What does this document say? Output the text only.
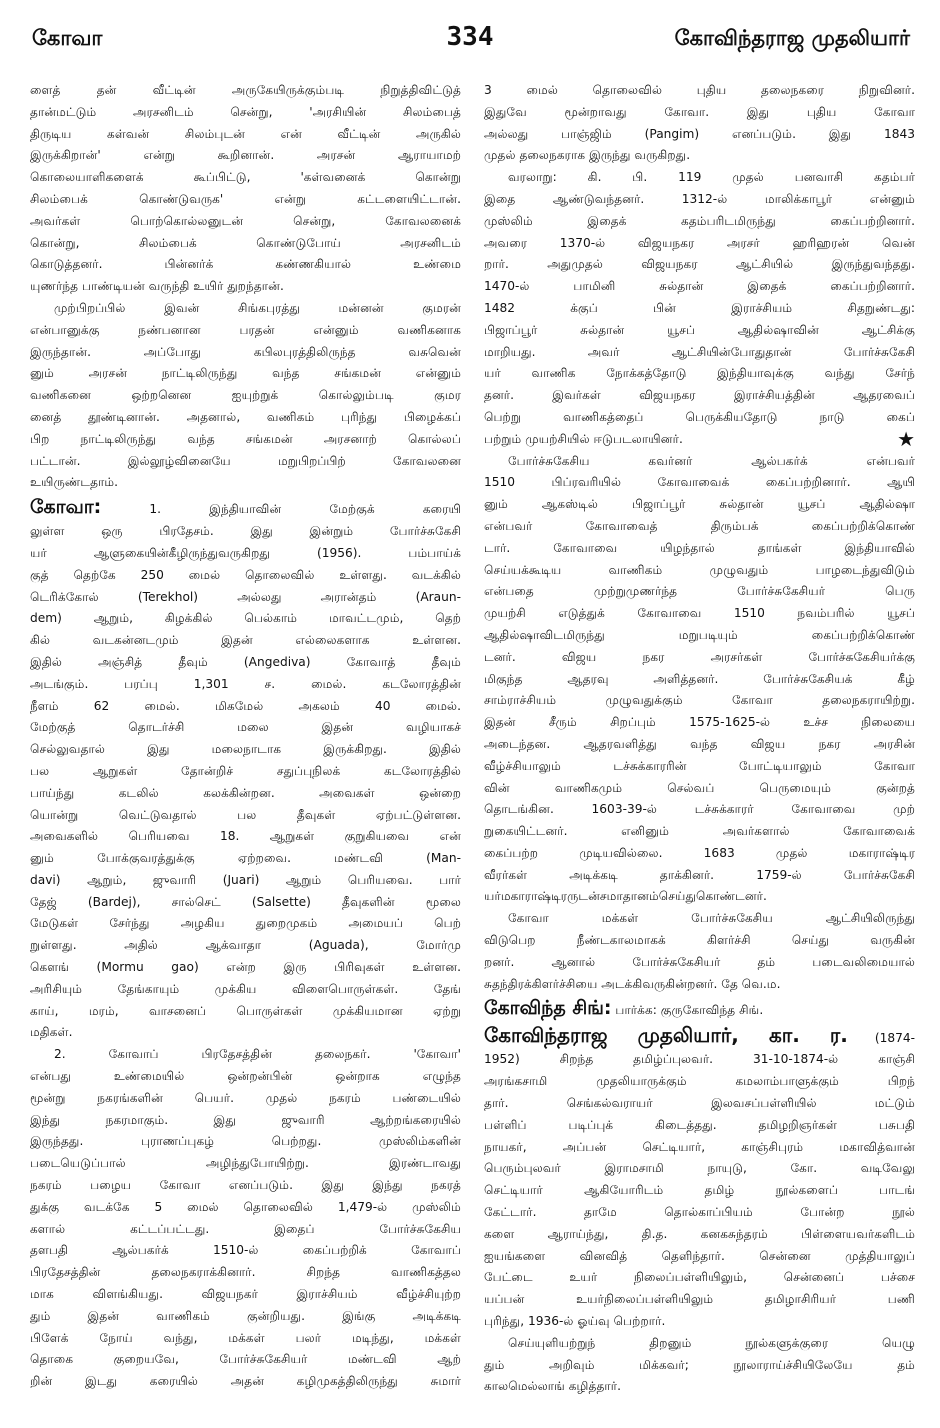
கோவா	334	கோவிந்தராஜ முதலியார்
ளைத் தன் வீட்டின் அருகேயிருக்கும்படி நிறுத்திவிட்டுத்
தான்மட்டும் அரசனிடம் சென்று, 'அரசியின் சிலம்பைத்
திருடிய கள்வன் சிலம்புடன் என் வீட்டின் அருகில்
இருக்கிறான்' என்று கூறினான். அரசன் ஆராயாமற்
கொலையாளிகளைக் கூப்பிட்டு, 'கள்வனைக் கொன்று
சிலம்பைக் கொண்டுவருக' என்று கட்டளையிட்டான்.
அவர்கள் பொற்கொல்லனுடன் சென்று, கோவலனைக்
கொன்று, சிலம்பைக் கொண்டுபோய் அரசனிடம்
கொடுத்தனர். பின்னர்க் கண்ணகியால் உண்மை
யுணர்ந்த பாண்டியன் வருந்தி உயிர் துறந்தான்.
முற்பிறப்பில் இவன் சிங்கபுரத்து மன்னன் குமரன்
என்பானுக்கு நண்பனான பரதன் என்னும் வணிகனாக
இருந்தான். அப்போது கபிலபுரத்திலிருந்த வசுவென்
னும் அரசன் நாட்டிலிருந்து வந்த சங்கமன் என்னும்
வணிகனை ஒற்றனென ஐயுற்றுக் கொல்லும்படி குமர
னைத் தூண்டினான். அதனால், வணிகம் புரிந்து பிழைக்கப்
பிற நாட்டிலிருந்து வந்த சங்கமன் அரசனாற் கொல்லப்
பட்டான். இல்லூழ்வினையே மறுபிறப்பிற் கோவலனை
உயிருண்டதாம்.
கோவா: 1. இந்தியாவின் மேற்குக் கரையி
லுள்ள ஒரு பிரதேசம். இது இன்றும் போர்ச்சுகேசி
யர் ஆளுகையின்கீழிருந்துவருகிறது (1956). பம்பாய்க்
குத் தெற்கே 250 மைல் தொலைவில் உள்ளது. வடக்கில்
டெரிக்கோல் (Terekhol) அல்லது அரான்தம் (Araun-
dem) ஆறும், கிழக்கில் பெல்காம் மாவட்டமும், தெற்
கில் வடகன்னடமும் இதன் எல்லைகளாக உள்ளன.
இதில் அஞ்சித் தீவும் (Angediva) கோவாத் தீவும்
அடங்கும். பரப்பு 1,301 ச. மைல். கடலோரத்தின்
நீளம் 62 மைல். மிகமேல் அகலம் 40 மைல்.
மேற்குத் தொடர்ச்சி மலை இதன் வழியாகச்
செல்லுவதால் இது மலைநாடாக இருக்கிறது. இதில்
பல ஆறுகள் தோன்றிச் சதுப்புநிலக் கடலோரத்தில்
பாய்ந்து கடலில் கலக்கின்றன. அவைகள் ஒன்றை
யொன்று வெட்டுவதால் பல தீவுகள் ஏற்பட்டுள்ளன.
அவைகளில் பெரியவை 18. ஆறுகள் குறுகியவை என்
னும் போக்குவரத்துக்கு ஏற்றவை. மண்டவி (Man-
davi) ஆறும், ஜுவாரி (Juari) ஆறும் பெரியவை. பார்
தேஜ் (Bardej), சால்செட் (Salsette) தீவுகளின் மூலை
மேடுகள் சேர்ந்து அழகிய துறைமுகம் அமையப் பெற்
றுள்ளது. அதில் ஆக்வாதா (Aguada), மோர்மு
கௌங் (Mormu gao) என்ற இரு பிரிவுகள் உள்ளன.
அரிசியும் தேங்காயும் முக்கிய விளைபொருள்கள். தேங்
காய், மரம், வாசனைப் பொருள்கள் முக்கியமான ஏற்று
மதிகள்.
2. கோவாப் பிரதேசத்தின் தலைநகர். 'கோவா'
என்பது உண்மையில் ஒன்றன்பின் ஒன்றாக எழுந்த
மூன்று நகரங்களின் பெயர். முதல் நகரம் பண்டையில்
இந்து நகரமாகும். இது ஜுவாரி ஆற்றங்கரையில்
இருந்தது. புராணப்புகழ் பெற்றது. முஸ்லிம்களின்
படையெடுப்பால் அழிந்துபோயிற்று. இரண்டாவது
நகரம் பழைய கோவா எனப்படும். இது இந்து நகரத்
துக்கு வடக்கே 5 மைல் தொலைவில் 1,479-ல் முஸ்லிம்
களால் கட்டப்பட்டது. இதைப் போர்ச்சுகேசிய
தளபதி ஆல்பகர்க் 1510-ல் கைப்பற்றிக் கோவாப்
பிரதேசத்தின் தலைநகராக்கினார். சிறந்த வாணிகத்தல
மாக விளங்கியது. விஜயநகர் இராச்சியம் வீழ்ச்சியுற்ற
தும் இதன் வாணிகம் குன்றியது. இங்கு அடிக்கடி
பிளேக் நோய் வந்து, மக்கள் பலர் மடிந்து, மக்கள்
தொகை குறையவே, போர்ச்சுகேசியர் மண்டவி ஆற்
றின் இடது கரையில் அதன் கழிமுகத்திலிருந்து சுமார்
3 மைல் தொலைவில் புதிய தலைநகரை நிறுவினர்.
இதுவே மூன்றாவது கோவா. இது புதிய கோவா
அல்லது பாஞ்ஜிம் (Pangim) எனப்படும். இது 1843
முதல் தலைநகராக இருந்து வருகிறது.
வரலாறு: கி. பி. 119 முதல் பனவாசி கதம்பர்
இதை ஆண்டுவந்தனர். 1312-ல் மாலிக்காபூர் என்னும்
முஸ்லிம் இதைக் கதம்பரிடமிருந்து கைப்பற்றினார்.
அவரை 1370-ல் விஜயநகர அரசர் ஹரிஹரன் வென்
றார். அதுமுதல் விஜயநகர ஆட்சியில் இருந்துவந்தது.
1470-ல் பாமினி சுல்தான் இதைக் கைப்பற்றினார்.
1482 க்குப் பின் இராச்சியம் சிதறுண்டது:
பிஜாப்பூர் சுல்தான் யூசப் ஆதில்ஷாவின் ஆட்சிக்கு
மாறியது. அவர் ஆட்சியின்போதுதான் போர்ச்சுகேசி
யர் வாணிக நோக்கத்தோடு இந்தியாவுக்கு வந்து சேர்ந்
தனர். இவர்கள் விஜயநகர இராச்சியத்தின் ஆதரவைப்
பெற்று வாணிகத்தைப் பெருக்கியதோடு நாடு கைப்
பற்றும் முயற்சியில் ஈடுபடலாயினர்.	★
போர்ச்சுகேசிய கவர்னர் ஆல்பகர்க் என்பவர்
1510 பிப்ரவரியில் கோவாவைக் கைப்பற்றினார். ஆயி
னும் ஆகஸ்டில் பிஜாப்பூர் சுல்தான் யூசப் ஆதில்ஷா
என்பவர் கோவாவைத் திரும்பக் கைப்பற்றிக்கொண்
டார். கோவாவை யிழந்தால் தாங்கள் இந்தியாவில்
செய்யக்கூடிய வாணிகம் முழுவதும் பாழடைந்துவிடும்
என்பதை முற்றுமுணர்ந்த போர்ச்சுகேசியர் பெரு
முயற்சி எடுத்துக் கோவாவை 1510 நவம்பரில் யூசப்
ஆதில்ஷாவிடமிருந்து மறுபடியும் கைப்பற்றிக்கொண்
டனர். விஜய நகர அரசர்கள் போர்ச்சுகேசியர்க்கு
மிகுந்த ஆதரவு அளித்தனர். போர்ச்சுகேசியக் கீழ்
சாம்ராச்சியம் முழுவதுக்கும் கோவா தலைநகராயிற்று.
இதன் சீரும் சிறப்பும் 1575-1625-ல் உச்ச நிலையை
அடைந்தன. ஆதரவளித்து வந்த விஜய நகர அரசின்
வீழ்ச்சியாலும் டச்சுக்காரரின் போட்டியாலும் கோவா
வின் வாணிகமும் செல்வப் பெருமையும் குன்றத்
தொடங்கின. 1603-39-ல் டச்சுக்காரர் கோவாவை முற்
றுகையிட்டனர். எனினும் அவர்களால் கோவாவைக்
கைப்பற்ற முடியவில்லை. 1683 முதல் மகாராஷ்டிர
வீரர்கள் அடிக்கடி தாக்கினர். 1759-ல் போர்ச்சுகேசி
யர்மகாராஷ்டிரருடன்சமாதானம்செய்துகொண்டனர்.
கோவா மக்கள் போர்ச்சுகேசிய ஆட்சியிலிருந்து
விடுபெற நீண்டகாலமாகக் கிளர்ச்சி செய்து வருகின்
றனர். ஆனால் போர்ச்சுகேசியர் தம் படைவலிமையால்
சுதந்திரக்கிளர்ச்சியை அடக்கிவருகின்றனர். தே வெ.ம.
கோவிந்த சிங்: பார்க்க: குருகோவிந்த சிங்.
கோவிந்தராஜ முதலியார், கா. ர. (1874-
1952) சிறந்த தமிழ்ப்புலவர். 31-10-1874-ல் காஞ்சி
அரங்கசாமி முதலியாருக்கும் கமலாம்பாளுக்கும் பிறந்
தார். செங்கல்வராயர் இலவசப்பள்ளியில் மட்டும்
பள்ளிப் படிப்புக் கிடைத்தது. தமிழறிஞர்கள் பசுபதி
நாயகர், அப்பன் செட்டியார், காஞ்சிபுரம் மகாவித்வான்
பெரும்புலவர் இராமசாமி நாயுடு, கோ. வடிவேலு
செட்டியார் ஆகியோரிடம் தமிழ் நூல்களைப் பாடங்
கேட்டார். தாமே தொல்காப்பியம் போன்ற நூல்
களை ஆராய்ந்து, தி.த. கனகசுந்தரம் பிள்ளையவர்களிடம்
ஐயங்களை வினவித் தெளிந்தார். சென்னை முத்தியாலுப்
பேட்டை உயர் நிலைப்பள்ளியிலும், சென்னைப் பச்சை
யப்பன் உயர்நிலைப்பள்ளியிலும் தமிழாசிரியர் பணி
புரிந்து, 1936-ல் ஓய்வு பெற்றார்.
செய்யுளியற்றுந் திறனும் நூல்களுக்குரை யெழு
தும் அறிவும் மிக்கவர்; நூலாராய்ச்சியிலேயே தம்
காலமெல்லாங் கழித்தார்.
